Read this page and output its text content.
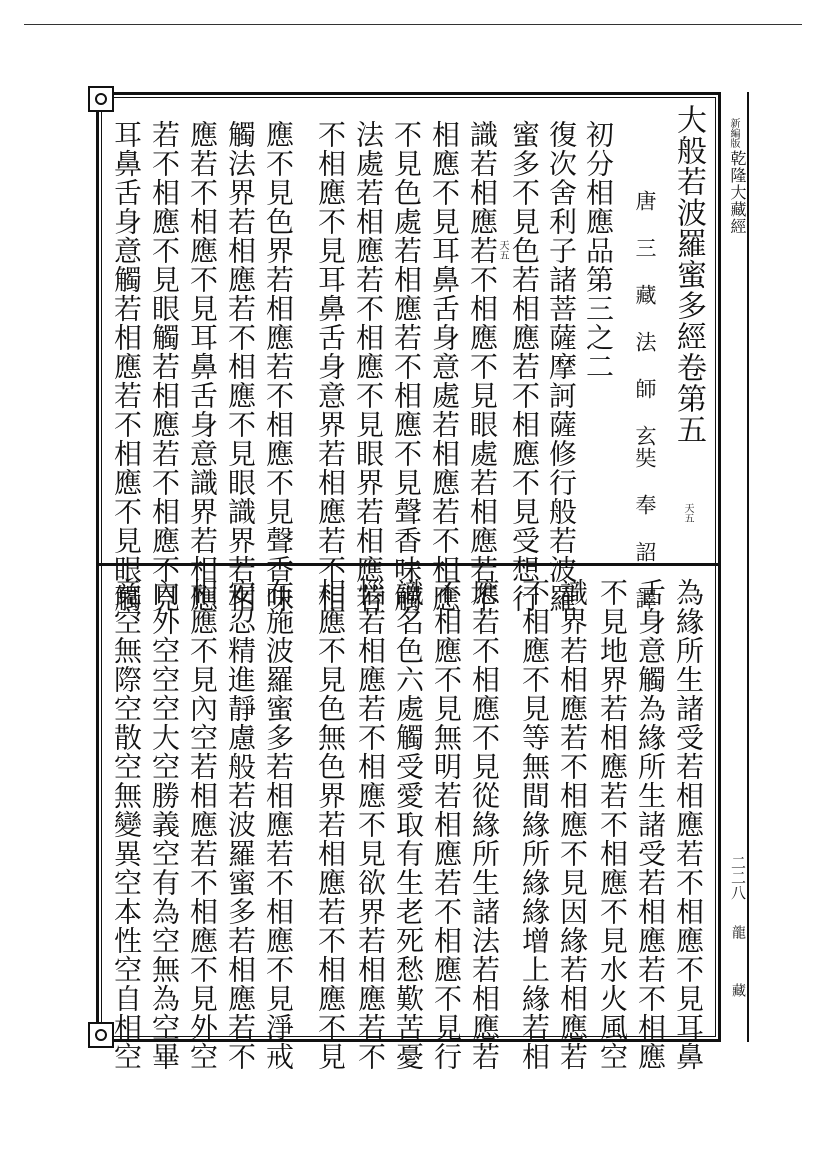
新編版
乾隆大藏經
二二八
龍 藏
大般若波羅蜜多經卷第五
唐 三 藏 法 師 玄奘 奉 詔 譯	天五
初分相應品第三之二
復次舍利子諸菩薩摩訶薩修行般若波羅
蜜多不見色若相應若不相應不見受想行
識若相應若不相應不見眼處若相應若不
相應不見耳鼻舌身意處若相應若不相應
不見色處若相應若不相應不見聲香味觸
法處若相應若不相應不見眼界若相應若
不相應不見耳鼻舌身意界若相應若不相
應不見色界若相應若不相應不見聲香味
觸法界若相應若不相應不見眼識界若相
應若不相應不見耳鼻舌身意識界若相應
若不相應不見眼觸若相應若不相應不見
耳鼻舌身意觸若相應若不相應不見眼觸	天五
為緣所生諸受若相應若不相應不見耳鼻
舌身意觸為緣所生諸受若相應若不相應
不見地界若相應若不相應不見水火風空
識界若相應若不相應不見因緣若相應若
不相應不見等無間緣所緣緣增上緣若相
應若不相應不見從緣所生諸法若相應若
不相應不見無明若相應若不相應不見行
識名色六處觸受愛取有生老死愁歎苦憂
惱若相應若不相應不見欲界若相應若不
相應不見色無色界若相應若不相應不見
布施波羅蜜多若相應若不相應不見淨戒
安忍精進靜慮般若波羅蜜多若相應若不
相應不見內空若相應若不相應不見外空
內外空空空大空勝義空有為空無為空畢
竟空無際空散空無變異空本性空自相空
